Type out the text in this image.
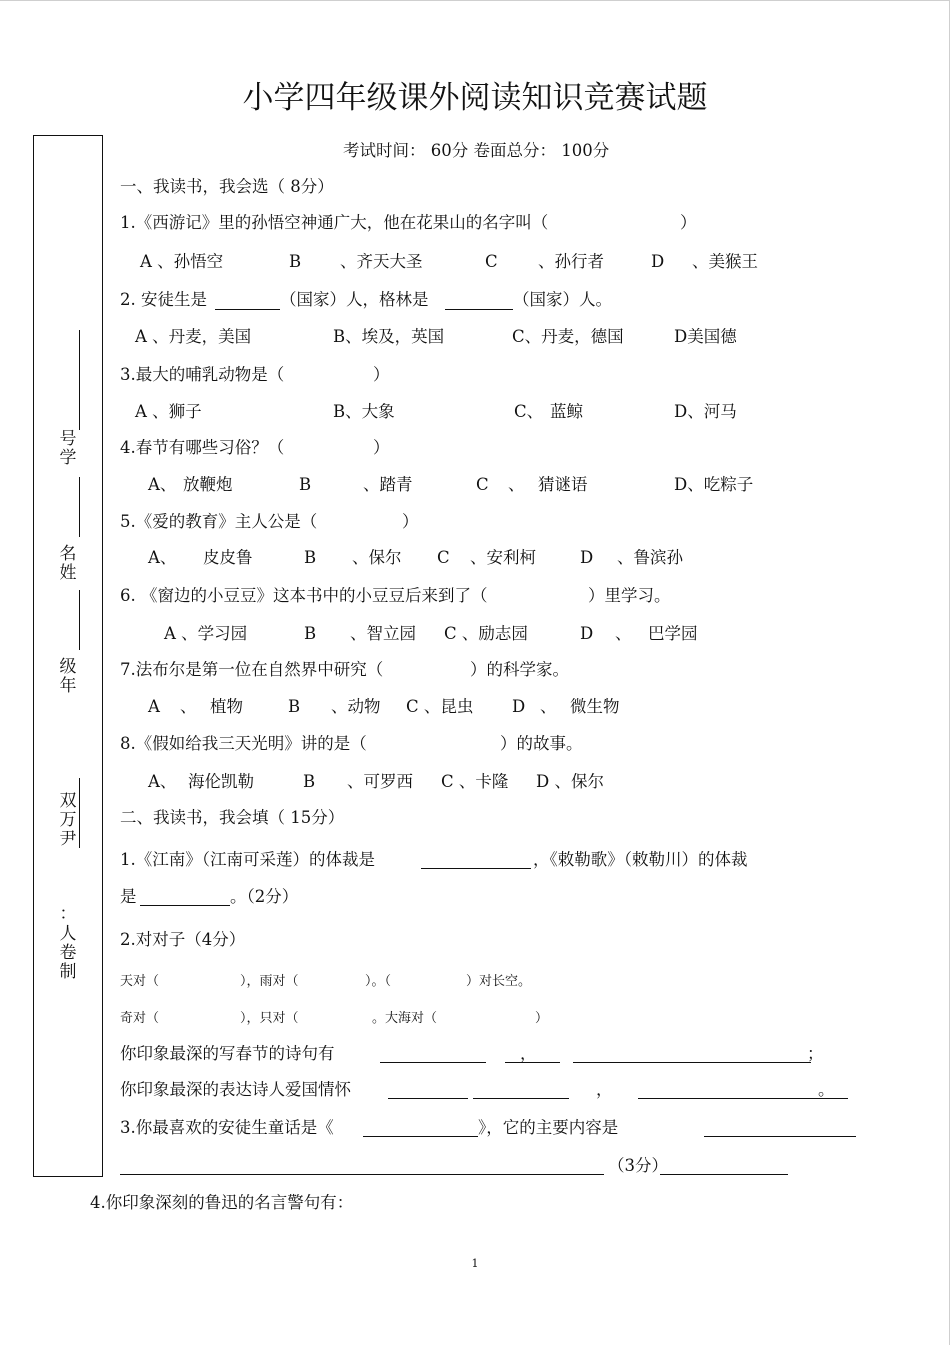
小学四年级课外阅读知识竞赛试题
考试时间： 60分 卷面总分： 100分
号学
名姓
级年
双万尹
：
人卷制
一、我读书，我会选（ 8分）
1.《西游记》里的孙悟空神通广大，他在花果山的名字叫（	）
A 、孙悟空	B 、齐天大圣	C 、孙行者	D 、美猴王
2. 安徒生是	（国家）人，格林是	（国家）人。
A 、丹麦，美国	B、埃及，英国	C、丹麦，德国	D美国德
3.最大的哺乳动物是（	）
A 、狮子	B、大象	C、 蓝鲸	D、河马
4.春节有哪些习俗？（	）
A、 放鞭炮	B	、踏青	C 、 猜谜语	D、吃粽子
5.《爱的教育》主人公是（	）
A、 皮皮鲁	B 、保尔 C 、安利柯	D 、鲁滨孙
6. 《窗边的小豆豆》这本书中的小豆豆后来到了（	）里学习。
A 、学习园	B 、智立园 C 、励志园	D 、 巴学园
7.法布尔是第一位在自然界中研究（	）的科学家。
A 、 植物	B 、动物 C 、昆虫 D 、 微生物
8.《假如给我三天光明》讲的是（	）的故事。
A、 海伦凯勒	B 、可罗西 C 、卡隆 D 、保尔
二、我读书，我会填（ 15分）
1.《江南》（江南可采莲）的体裁是	，《敕勒歌》（敕勒川）的体裁
是	。（2分）
2.对对子（4分）
天对（	），雨对（	）。（	）对长空。
奇对（	），只对（	。大海对（	）
你印象最深的写春节的诗句有	，	；
你印象最深的表达诗人爱国情怀	，	。
3.你最喜欢的安徒生童话是《	》，它的主要内容是
（3分）
4.你印象深刻的鲁迅的名言警句有：
1
